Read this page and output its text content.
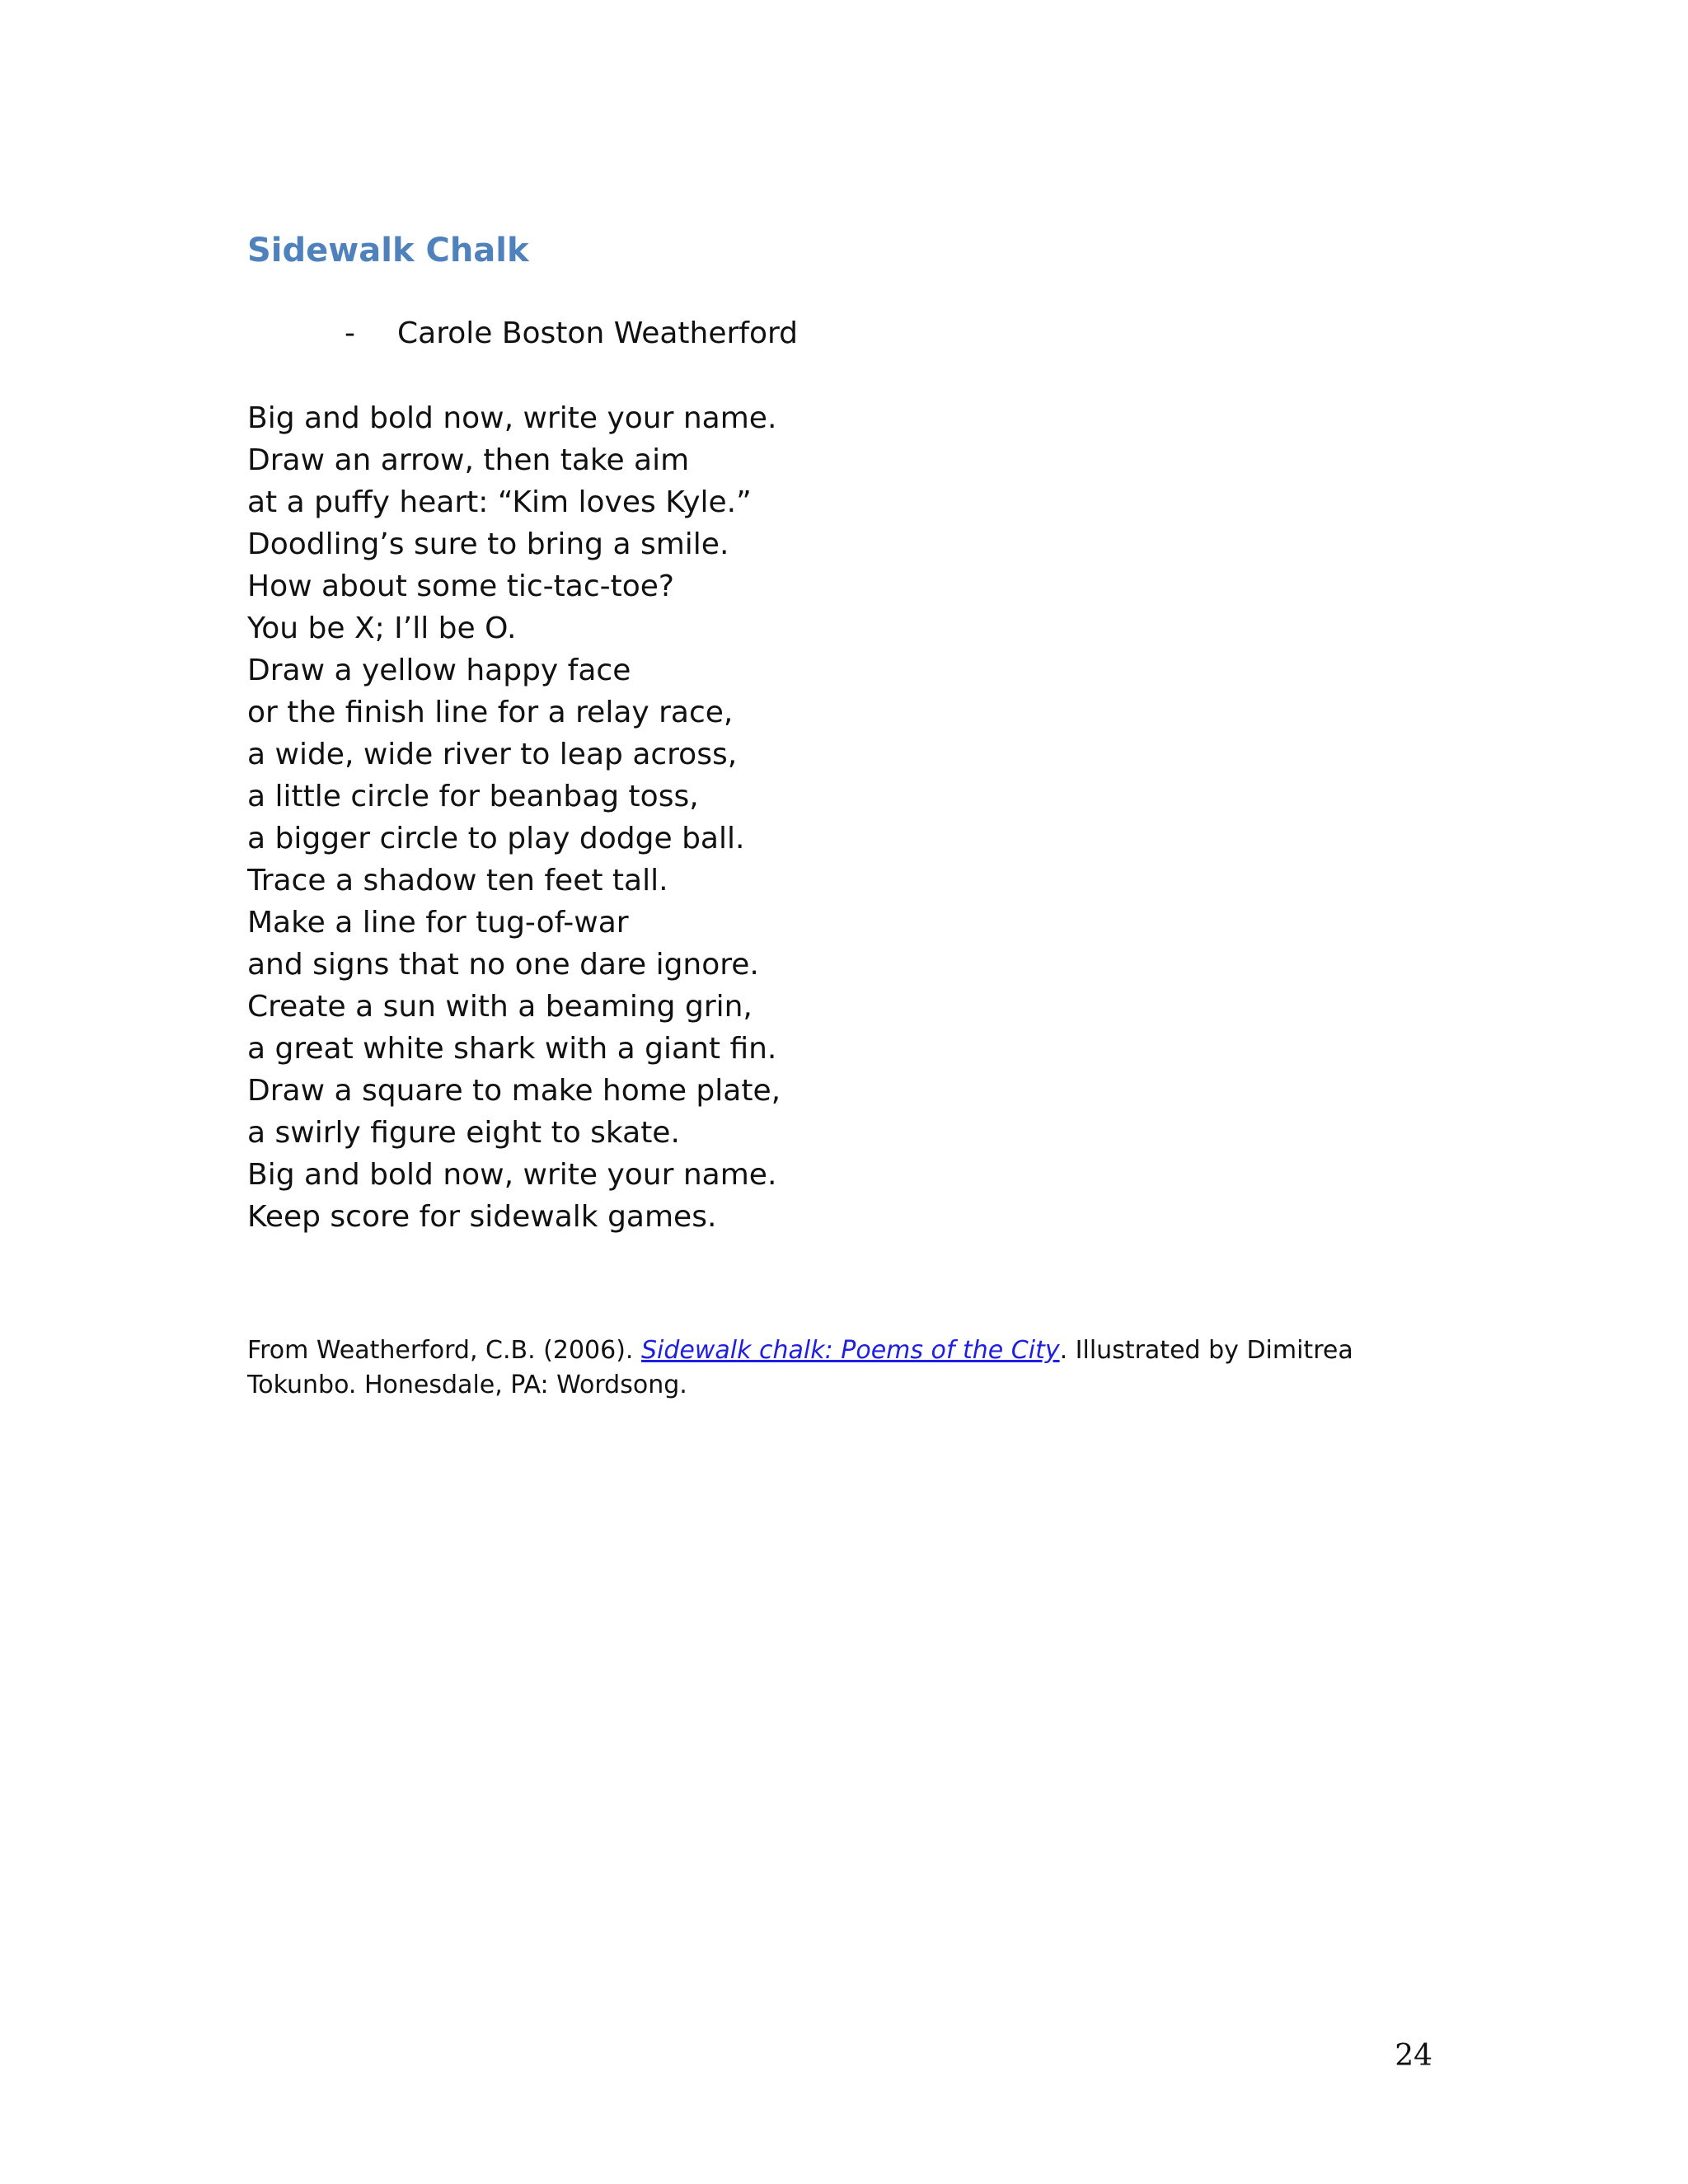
Sidewalk Chalk
- Carole Boston Weatherford
Big and bold now, write your name.
Draw an arrow, then take aim
at a puffy heart: “Kim loves Kyle.”
Doodling’s sure to bring a smile.
How about some tic-tac-toe?
You be X; I’ll be O.
Draw a yellow happy face
or the finish line for a relay race,
a wide, wide river to leap across,
a little circle for beanbag toss,
a bigger circle to play dodge ball.
Trace a shadow ten feet tall.
Make a line for tug-of-war
and signs that no one dare ignore.
Create a sun with a beaming grin,
a great white shark with a giant fin.
Draw a square to make home plate,
a swirly figure eight to skate.
Big and bold now, write your name.
Keep score for sidewalk games.

From Weatherford, C.B. (2006). Sidewalk chalk: Poems of the City. Illustrated by Dimitrea Tokunbo. Honesdale, PA: Wordsong.

24
